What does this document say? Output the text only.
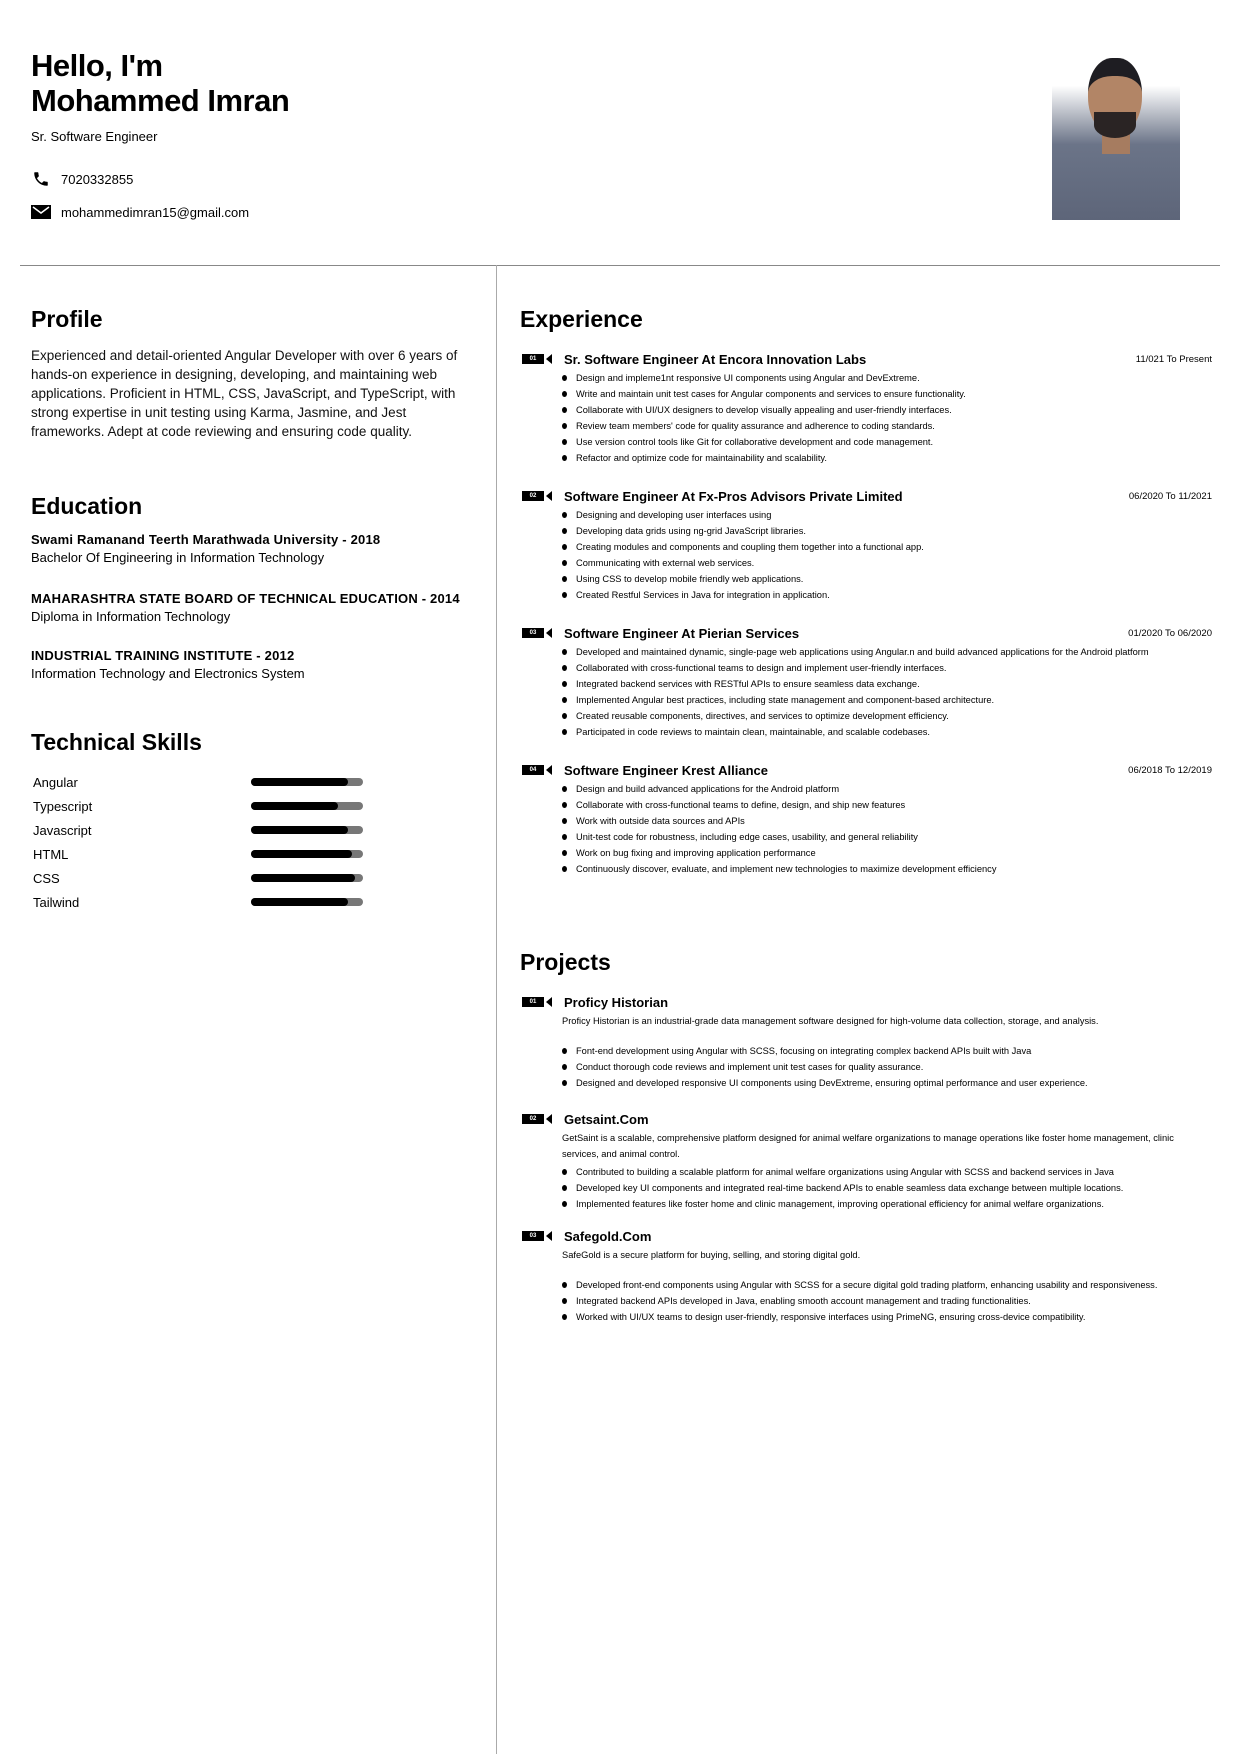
Hello, I'm
Mohammed Imran
Sr. Software Engineer
7020332855
mohammedimran15@gmail.com
Profile
Experienced and detail-oriented Angular Developer with over 6 years of hands-on experience in designing, developing, and maintaining web applications. Proficient in HTML, CSS, JavaScript, and TypeScript, with strong expertise in unit testing using Karma, Jasmine, and Jest frameworks. Adept at code reviewing and ensuring code quality.
Education
Swami Ramanand Teerth Marathwada University - 2018
Bachelor Of Engineering in Information Technology
MAHARASHTRA STATE BOARD OF TECHNICAL EDUCATION - 2014
Diploma in Information Technology
INDUSTRIAL TRAINING INSTITUTE - 2012
Information Technology and Electronics System
Technical Skills
Angular
Typescript
Javascript
HTML
CSS
Tailwind
Experience
01	Sr. Software Engineer At Encora Innovation Labs	11/021 To Present
Design and impleme1nt responsive UI components using Angular and DevExtreme.
Write and maintain unit test cases for Angular components and services to ensure functionality.
Collaborate with UI/UX designers to develop visually appealing and user-friendly interfaces.
Review team members' code for quality assurance and adherence to coding standards.
Use version control tools like Git for collaborative development and code management.
Refactor and optimize code for maintainability and scalability.
02	Software Engineer At Fx-Pros Advisors Private Limited	06/2020 To 11/2021
Designing and developing user interfaces using
Developing data grids using ng-grid JavaScript libraries.
Creating modules and components and coupling them together into a functional app.
Communicating with external web services.
Using CSS to develop mobile friendly web applications.
Created Restful Services in Java for integration in application.
03	Software Engineer At Pierian Services	01/2020 To 06/2020
Developed and maintained dynamic, single-page web applications using Angular.n and build advanced applications for the Android platform
Collaborated with cross-functional teams to design and implement user-friendly interfaces.
Integrated backend services with RESTful APIs to ensure seamless data exchange.
Implemented Angular best practices, including state management and component-based architecture.
Created reusable components, directives, and services to optimize development efficiency.
Participated in code reviews to maintain clean, maintainable, and scalable codebases.
04	Software Engineer Krest Alliance	06/2018 To 12/2019
Design and build advanced applications for the Android platform
Collaborate with cross-functional teams to define, design, and ship new features
Work with outside data sources and APIs
Unit-test code for robustness, including edge cases, usability, and general reliability
Work on bug fixing and improving application performance
Continuously discover, evaluate, and implement new technologies to maximize development efficiency
Projects
01	Proficy Historian
Proficy Historian is an industrial-grade data management software designed for high-volume data collection, storage, and analysis.
Font-end development using Angular with SCSS, focusing on integrating complex backend APIs built with Java
Conduct thorough code reviews and implement unit test cases for quality assurance.
Designed and developed responsive UI components using DevExtreme, ensuring optimal performance and user experience.
02	Getsaint.Com
GetSaint is a scalable, comprehensive platform designed for animal welfare organizations to manage operations like foster home management, clinic services, and animal control.
Contributed to building a scalable platform for animal welfare organizations using Angular with SCSS and backend services in Java
Developed key UI components and integrated real-time backend APIs to enable seamless data exchange between multiple locations.
Implemented features like foster home and clinic management, improving operational efficiency for animal welfare organizations.
03	Safegold.Com
SafeGold is a secure platform for buying, selling, and storing digital gold.
Developed front-end components using Angular with SCSS for a secure digital gold trading platform, enhancing usability and responsiveness.
Integrated backend APIs developed in Java, enabling smooth account management and trading functionalities.
Worked with UI/UX teams to design user-friendly, responsive interfaces using PrimeNG, ensuring cross-device compatibility.
